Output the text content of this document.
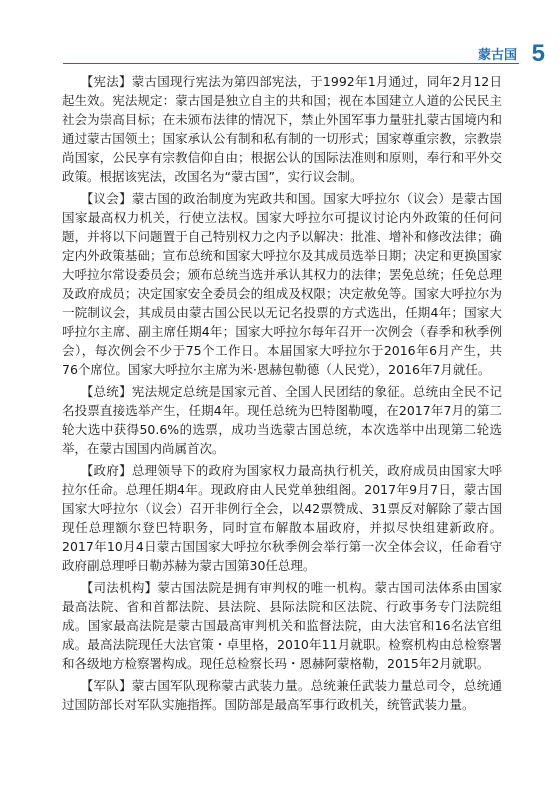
蒙古国 5

【宪法】蒙古国现行宪法为第四部宪法，于1992年1月通过，同年2月12日起生效。宪法规定：蒙古国是独立自主的共和国；视在本国建立人道的公民民主社会为崇高目标；在未颁布法律的情况下，禁止外国军事力量驻扎蒙古国境内和通过蒙古国领土；国家承认公有制和私有制的一切形式；国家尊重宗教，宗教崇尚国家，公民享有宗教信仰自由；根据公认的国际法准则和原则，奉行和平外交政策。根据该宪法，改国名为“蒙古国”，实行议会制。

【议会】蒙古国的政治制度为宪政共和国。国家大呼拉尔（议会）是蒙古国国家最高权力机关，行使立法权。国家大呼拉尔可提议讨论内外政策的任何问题，并将以下问题置于自己特别权力之内予以解决：批准、增补和修改法律；确定内外政策基础；宣布总统和国家大呼拉尔及其成员选举日期；决定和更换国家大呼拉尔常设委员会；颁布总统当选并承认其权力的法律；罢免总统；任免总理及政府成员；决定国家安全委员会的组成及权限；决定赦免等。国家大呼拉尔为一院制议会，其成员由蒙古国公民以无记名投票的方式选出，任期4年；国家大呼拉尔主席、副主席任期4年；国家大呼拉尔每年召开一次例会（春季和秋季例会），每次例会不少于75个工作日。本届国家大呼拉尔于2016年6月产生，共76个席位。国家大呼拉尔主席为米·恩赫包勒德（人民党），2016年7月就任。

【总统】宪法规定总统是国家元首、全国人民团结的象征。总统由全民不记名投票直接选举产生，任期4年。现任总统为巴特图勒嘎，在2017年7月的第二轮大选中获得50.6%的选票，成功当选蒙古国总统，本次选举中出现第二轮选举，在蒙古国国内尚属首次。

【政府】总理领导下的政府为国家权力最高执行机关，政府成员由国家大呼拉尔任命。总理任期4年。现政府由人民党单独组阁。2017年9月7日，蒙古国国家大呼拉尔（议会）召开非例行全会，以42票赞成、31票反对解除了蒙古国现任总理额尔登巴特职务，同时宣布解散本届政府，并拟尽快组建新政府。2017年10月4日蒙古国国家大呼拉尔秋季例会举行第一次全体会议，任命看守政府副总理呼日勒苏赫为蒙古国第30任总理。

【司法机构】蒙古国法院是拥有审判权的唯一机构。蒙古国司法体系由国家最高法院、省和首都法院、县法院、县际法院和区法院、行政事务专门法院组成。国家最高法院是蒙古国最高审判机关和监督法院，由大法官和16名法官组成。最高法院现任大法官策・卓里格，2010年11月就职。检察机构由总检察署和各级地方检察署构成。现任总检察长玛・恩赫阿蒙格勒，2015年2月就职。

【军队】蒙古国军队现称蒙古武装力量。总统兼任武装力量总司令，总统通过国防部长对军队实施指挥。国防部是最高军事行政机关，统管武装力量。
